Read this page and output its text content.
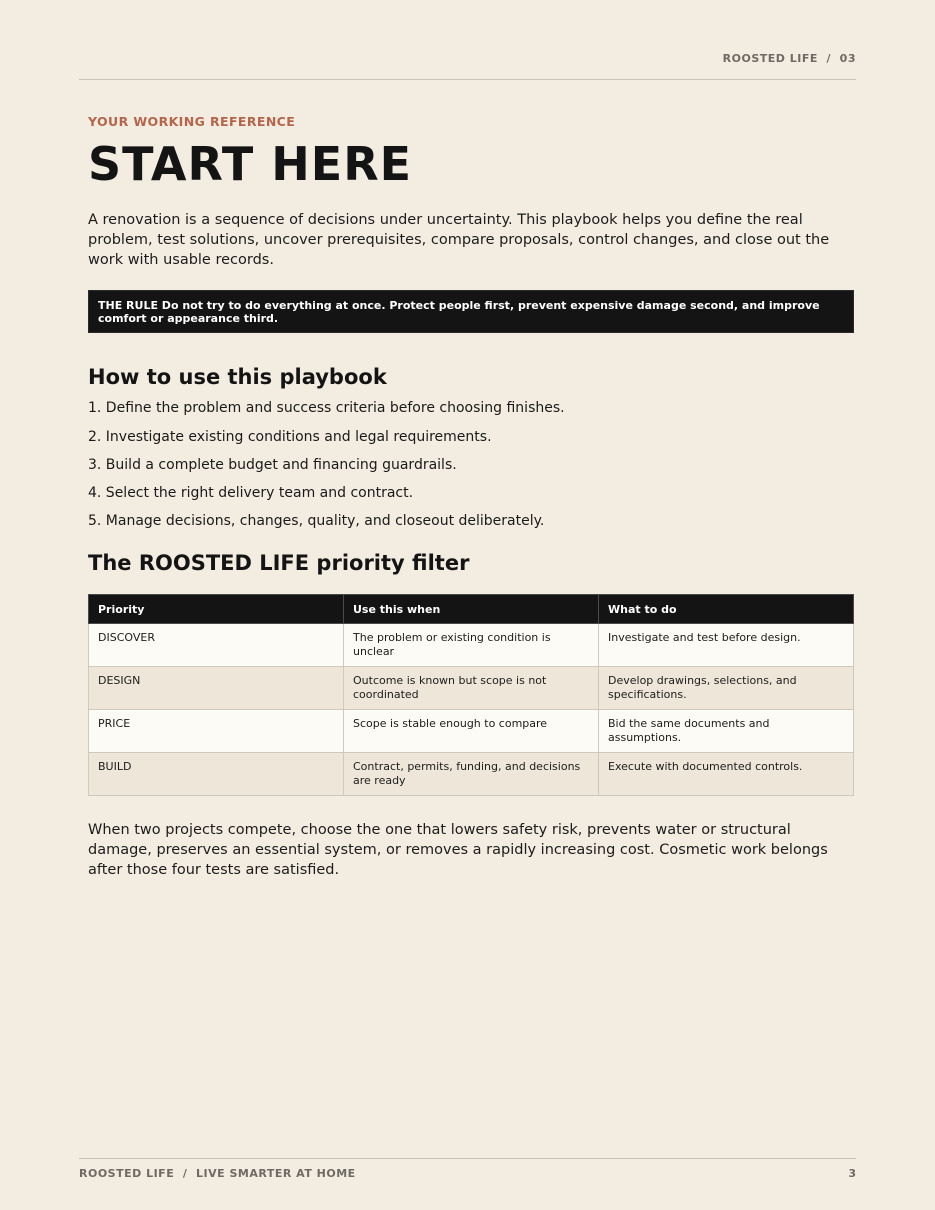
ROOSTED LIFE  /  03

YOUR WORKING REFERENCE

START HERE

A renovation is a sequence of decisions under uncertainty. This playbook helps you define the real problem, test solutions, uncover prerequisites, compare proposals, control changes, and close out the work with usable records.

THE RULE Do not try to do everything at once. Protect people first, prevent expensive damage second, and improve comfort or appearance third.
How to use this playbook
1. Define the problem and success criteria before choosing finishes.
2. Investigate existing conditions and legal requirements.
3. Build a complete budget and financing guardrails.
4. Select the right delivery team and contract.
5. Manage decisions, changes, quality, and closeout deliberately.
The ROOSTED LIFE priority filter
Priority	Use this when	What to do
DISCOVER	The problem or existing condition is unclear	Investigate and test before design.
DESIGN	Outcome is known but scope is not coordinated	Develop drawings, selections, and specifications.
PRICE	Scope is stable enough to compare	Bid the same documents and assumptions.
BUILD	Contract, permits, funding, and decisions are ready	Execute with documented controls.

When two projects compete, choose the one that lowers safety risk, prevents water or structural damage, preserves an essential system, or removes a rapidly increasing cost. Cosmetic work belongs after those four tests are satisfied.

ROOSTED LIFE  /  LIVE SMARTER AT HOME	3
